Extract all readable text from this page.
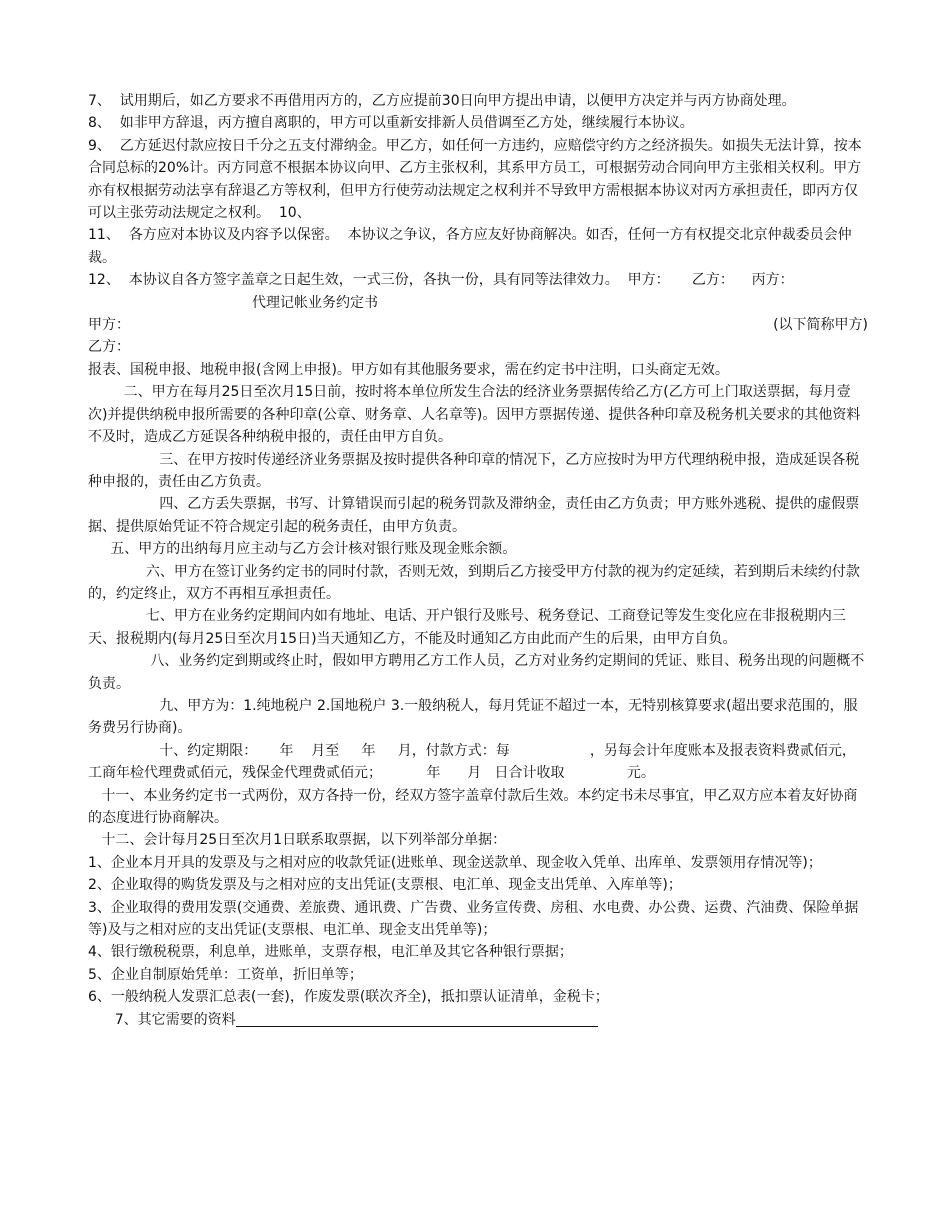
7、  试用期后，如乙方要求不再借用丙方的，乙方应提前30日向甲方提出申请，以便甲方决定并与丙方协商处理。

8、  如非甲方辞退，丙方擅自离职的，甲方可以重新安排新人员借调至乙方处，继续履行本协议。

9、  乙方延迟付款应按日千分之五支付滞纳金。甲乙方，如任何一方违约，应赔偿守约方之经济损失。如损失无法计算，按本合同总标的20%计。丙方同意不根据本协议向甲、乙方主张权利，其系甲方员工，可根据劳动合同向甲方主张相关权利。甲方亦有权根据劳动法享有辞退乙方等权利，但甲方行使劳动法规定之权利并不导致甲方需根据本协议对丙方承担责任，即丙方仅可以主张劳动法规定之权利。  10、

11、  各方应对本协议及内容予以保密。  本协议之争议，各方应友好协商解决。如否，任何一方有权提交北京仲裁委员会仲裁。

12、  本协议自各方签字盖章之日起生效，一式三份，各执一份，具有同等法律效力。  甲方：     乙方：    丙方：

代理记帐业务约定书
甲方：	(以下简称甲方)

乙方：

报表、国税申报、地税申报(含网上申报)。甲方如有其他服务要求，需在约定书中注明，口头商定无效。

二、甲方在每月25日至次月15日前，按时将本单位所发生合法的经济业务票据传给乙方(乙方可上门取送票据，每月壹次)并提供纳税申报所需要的各种印章(公章、财务章、人名章等)。因甲方票据传递、提供各种印章及税务机关要求的其他资料不及时，造成乙方延误各种纳税申报的，责任由甲方自负。

三、在甲方按时传递经济业务票据及按时提供各种印章的情况下，乙方应按时为甲方代理纳税申报，造成延误各税种申报的，责任由乙方负责。

四、乙方丢失票据，书写、计算错误而引起的税务罚款及滞纳金，责任由乙方负责；甲方账外逃税、提供的虚假票据、提供原始凭证不符合规定引起的税务责任，由甲方负责。

五、甲方的出纳每月应主动与乙方会计核对银行账及现金账余额。

六、甲方在签订业务约定书的同时付款，否则无效，到期后乙方接受甲方付款的视为约定延续，若到期后未续约付款的，约定终止，双方不再相互承担责任。

七、甲方在业务约定期间内如有地址、电话、开户银行及账号、税务登记、工商登记等发生变化应在非报税期内三天、报税期内(每月25日至次月15日)当天通知乙方，不能及时通知乙方由此而产生的后果，由甲方自负。

八、业务约定到期或终止时，假如甲方聘用乙方工作人员，乙方对业务约定期间的凭证、账目、税务出现的问题概不负责。

九、甲方为：1.纯地税户 2.国地税户 3.一般纳税人，每月凭证不超过一本，无特别核算要求(超出要求范围的，服务费另行协商)。

十、约定期限：     年    月至     年     月，付款方式：每                  ，另每会计年度账本及报表资料费贰佰元，工商年检代理费贰佰元，残保金代理费贰佰元；          年      月   日合计收取              元。

十一、本业务约定书一式两份，双方各持一份，经双方签字盖章付款后生效。本约定书未尽事宜，甲乙双方应本着友好协商的态度进行协商解决。

十二、会计每月25日至次月1日联系取票据，以下列举部分单据：

1、企业本月开具的发票及与之相对应的收款凭证(进账单、现金送款单、现金收入凭单、出库单、发票领用存情况等)；

2、企业取得的购货发票及与之相对应的支出凭证(支票根、电汇单、现金支出凭单、入库单等)；

3、企业取得的费用发票(交通费、差旅费、通讯费、广告费、业务宣传费、房租、水电费、办公费、运费、汽油费、保险单据等)及与之相对应的支出凭证(支票根、电汇单、现金支出凭单等)；

4、银行缴税税票，利息单，进账单，支票存根，电汇单及其它各种银行票据；

5、企业自制原始凭单：工资单，折旧单等；

6、一般纳税人发票汇总表(一套)，作废发票(联次齐全)，抵扣票认证清单，金税卡；

7、其它需要的资料
